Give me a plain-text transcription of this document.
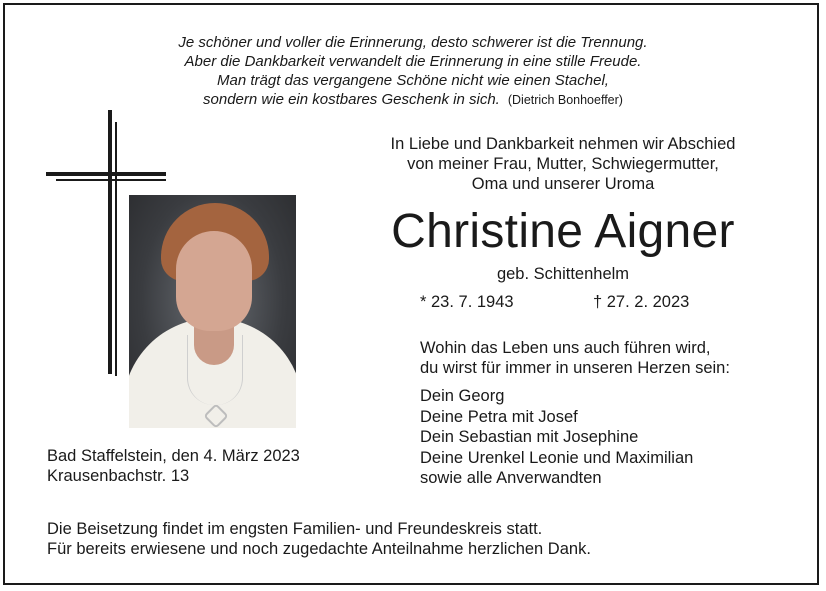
Je schöner und voller die Erinnerung, desto schwerer ist die Trennung.
Aber die Dankbarkeit verwandelt die Erinnerung in eine stille Freude.
Man trägt das vergangene Schöne nicht wie einen Stachel,
sondern wie ein kostbares Geschenk in sich. (Dietrich Bonhoeffer)
In Liebe und Dankbarkeit nehmen wir Abschied
von meiner Frau, Mutter, Schwiegermutter,
Oma und unserer Uroma
Christine Aigner
geb. Schittenhelm
* 23. 7. 1943	† 27. 2. 2023
Wohin das Leben uns auch führen wird,
du wirst für immer in unseren Herzen sein:
Dein Georg
Deine Petra mit Josef
Dein Sebastian mit Josephine
Deine Urenkel Leonie und Maximilian
sowie alle Anverwandten
Bad Staffelstein, den 4. März 2023
Krausenbachstr. 13
Die Beisetzung findet im engsten Familien- und Freundeskreis statt.
Für bereits erwiesene und noch zugedachte Anteilnahme herzlichen Dank.
